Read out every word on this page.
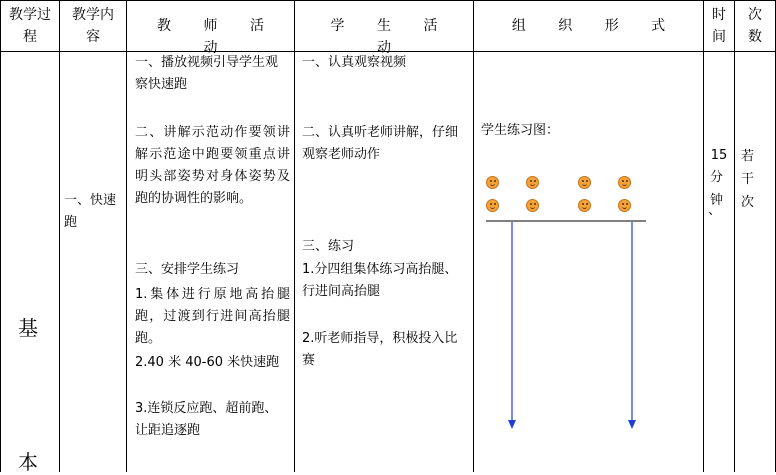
教学过程
教学内容
教 师 活 动
学 生 活 动
组 织 形 式
时间
次数
基
本
一、快速跑
一、播放视频引导学生观察快速跑
二、讲解示范动作要领讲解示范途中跑要领重点讲明头部姿势对身体姿势及跑的协调性的影响。
三、安排学生练习
1.集体进行原地高抬腿跑，过渡到行进间高抬腿跑。
2.40 米 40-60 米快速跑
3.连锁反应跑、超前跑、让距追逐跑
一、认真观察视频
二、认真听老师讲解，仔细观察老师动作
三、练习
1.分四组集体练习高抬腿、行进间高抬腿
2.听老师指导，积极投入比赛
学生练习图：
15
分钟
、
若干次
